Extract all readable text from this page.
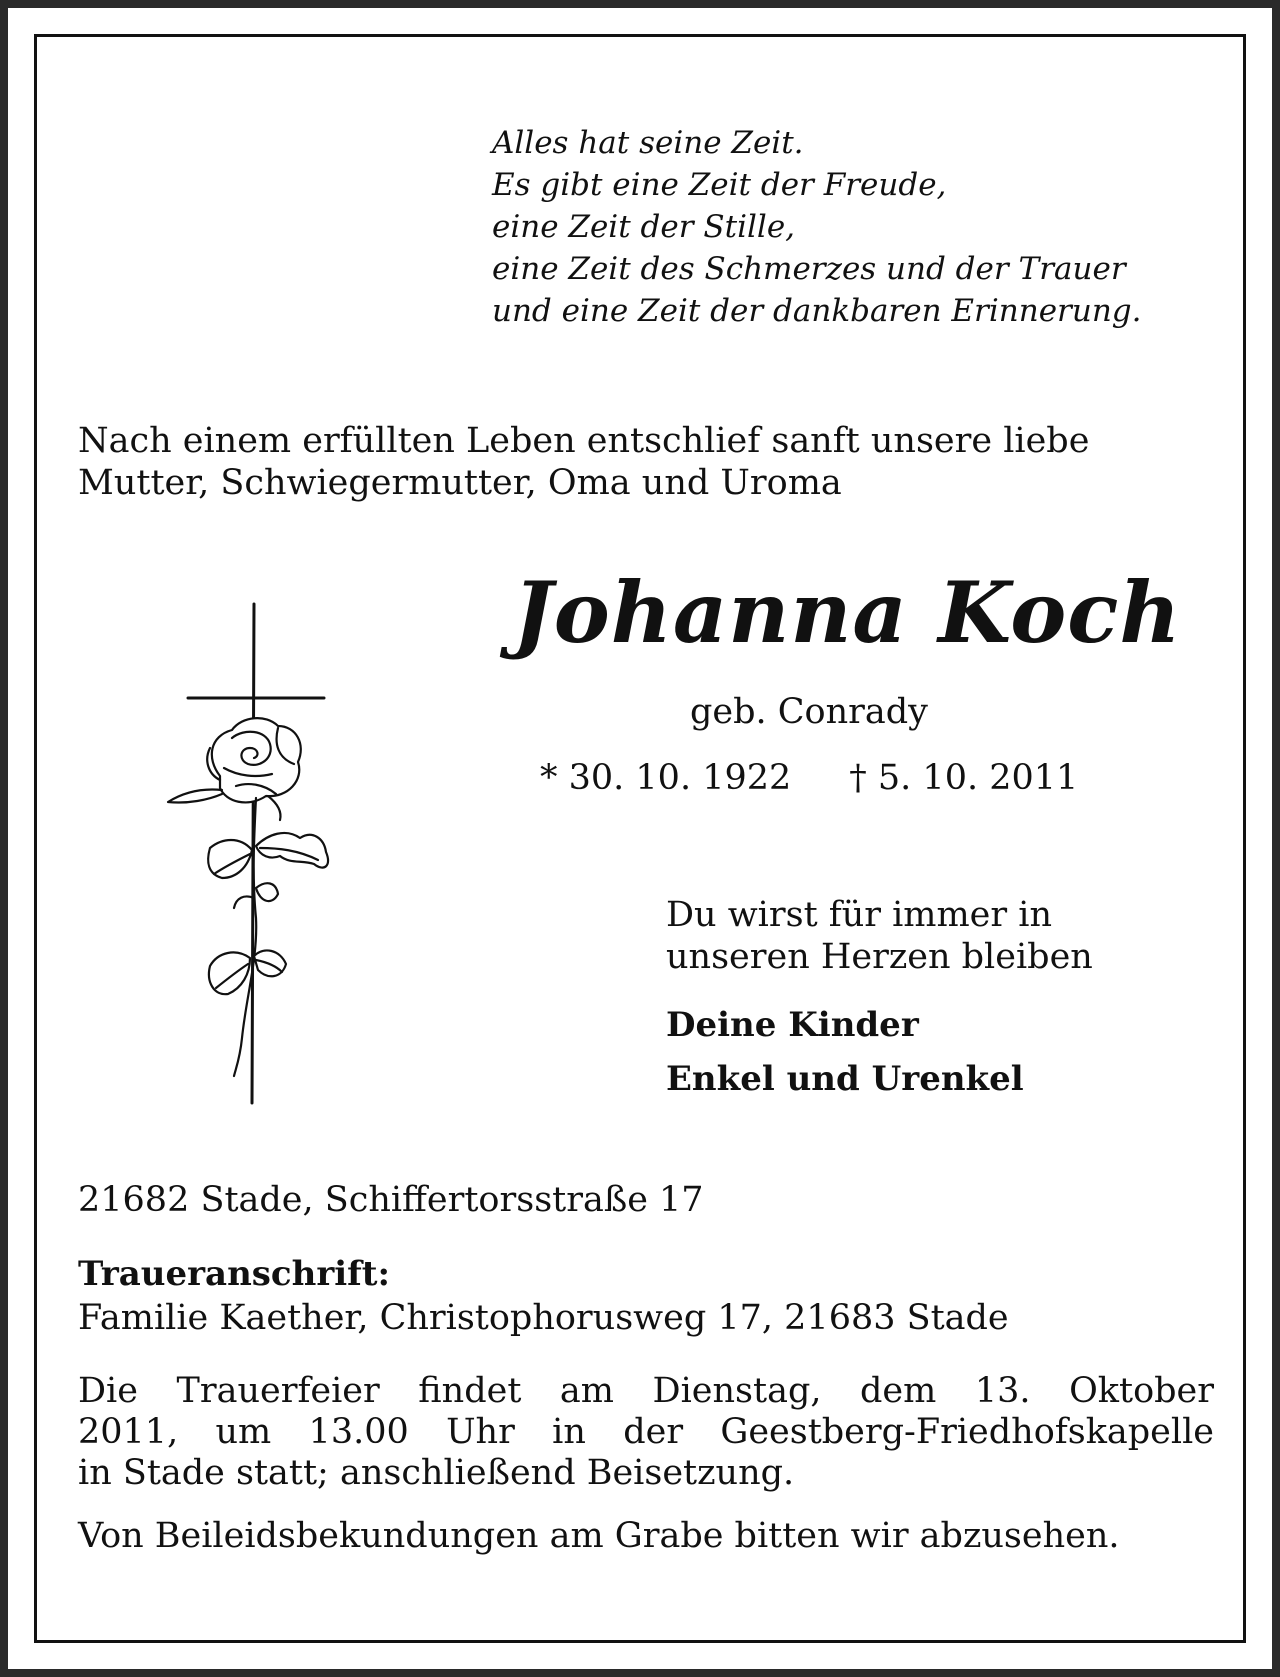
Alles hat seine Zeit.
Es gibt eine Zeit der Freude,
eine Zeit der Stille,
eine Zeit des Schmerzes und der Trauer
und eine Zeit der dankbaren Erinnerung.
Nach einem erfüllten Leben entschlief sanft unsere liebe
Mutter, Schwiegermutter, Oma und Uroma
Johanna Koch
geb. Conrady
* 30. 10. 1922 † 5. 10. 2011
Du wirst für immer in
unseren Herzen bleiben
Deine Kinder
Enkel und Urenkel
21682 Stade, Schiffertorsstraße 17
Traueranschrift:
Familie Kaether, Christophorusweg 17, 21683 Stade
Die Trauerfeier findet am Dienstag, dem 13. Oktober
2011, um 13.00 Uhr in der Geestberg-Friedhofskapelle
in Stade statt; anschließend Beisetzung.
Von Beileidsbekundungen am Grabe bitten wir abzusehen.
